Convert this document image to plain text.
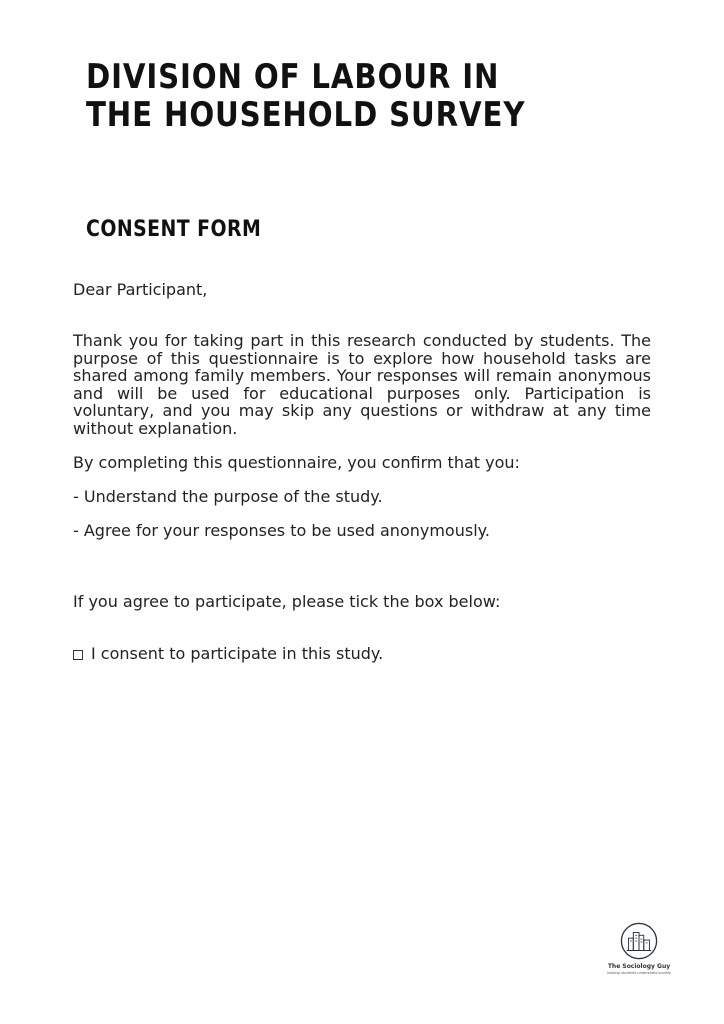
DIVISION OF LABOUR IN
THE HOUSEHOLD SURVEY
CONSENT FORM

Dear Participant,

Thank you for taking part in this research conducted by students. The purpose of this questionnaire is to explore how household tasks are shared among family members. Your responses will remain anonymous and will be used for educational purposes only. Participation is voluntary, and you may skip any questions or withdraw at any time without explanation.

By completing this questionnaire, you confirm that you:

- Understand the purpose of the study.

- Agree for your responses to be used anonymously.

If you agree to participate, please tick the box below:

I consent to participate in this study.
The Sociology Guy
helping students understand society
